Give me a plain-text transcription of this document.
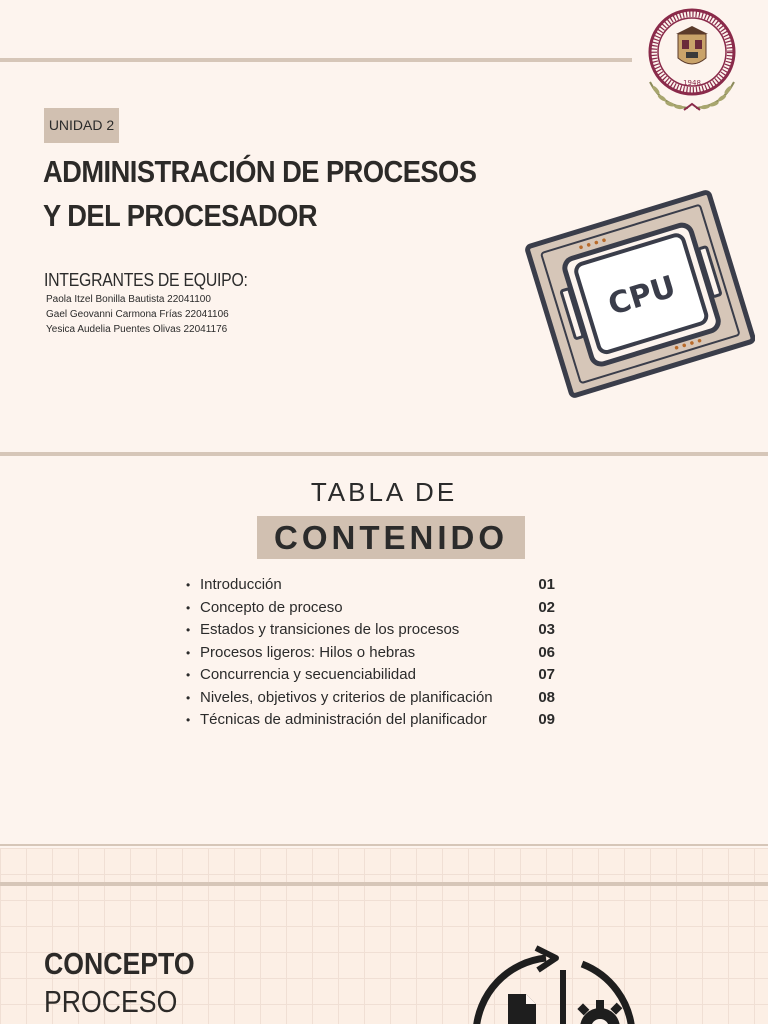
1948
UNIDAD 2
ADMINISTRACIÓN DE PROCESOS
Y DEL PROCESADOR
INTEGRANTES DE EQUIPO:
Paola Itzel Bonilla Bautista 22041100
Gael Geovanni Carmona Frías 22041106
Yesica Audelia Puentes Olivas 22041176
CPU
TABLA DE
CONTENIDO
• Introducción	01
• Concepto de proceso	02
• Estados y transiciones de los procesos	03
• Procesos ligeros: Hilos o hebras	06
• Concurrencia y secuenciabilidad	07
• Niveles, objetivos y criterios de planificación	08
• Técnicas de administración del planificador	09
CONCEPTO
PROCESO
